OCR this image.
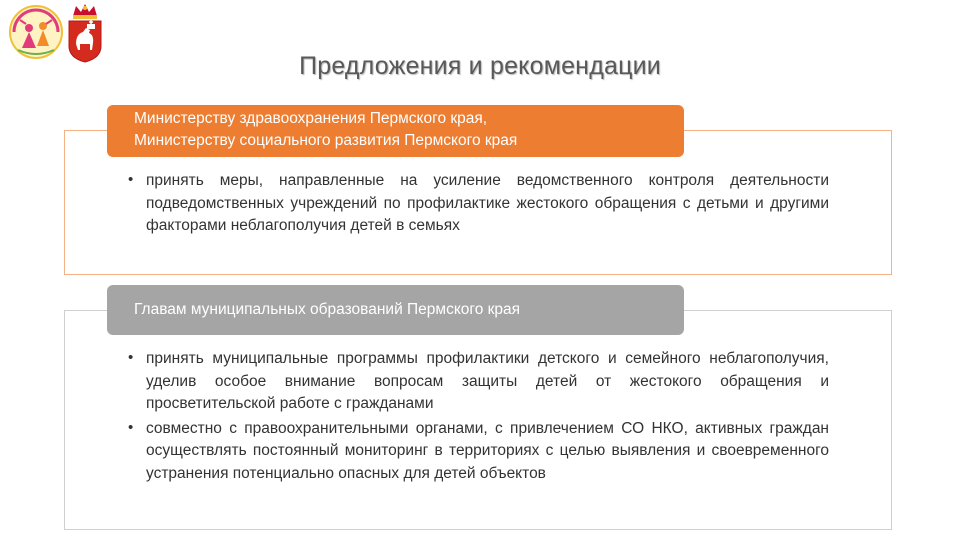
Предложения и рекомендации
Министерству здравоохранения Пермского края,
Министерству социального развития Пермского края
• принять меры, направленные на усиление ведомственного контроля деятельности подведомственных учреждений по профилактике жестокого обращения с детьми и другими факторами неблагополучия детей в семьях
Главам муниципальных образований Пермского края
• принять муниципальные программы профилактики детского и семейного неблагополучия, уделив особое внимание вопросам защиты детей от жестокого обращения и просветительской работе с гражданами
• совместно с правоохранительными органами, с привлечением СО НКО, активных граждан осуществлять постоянный мониторинг в территориях с целью выявления и своевременного устранения потенциально опасных для детей объектов
